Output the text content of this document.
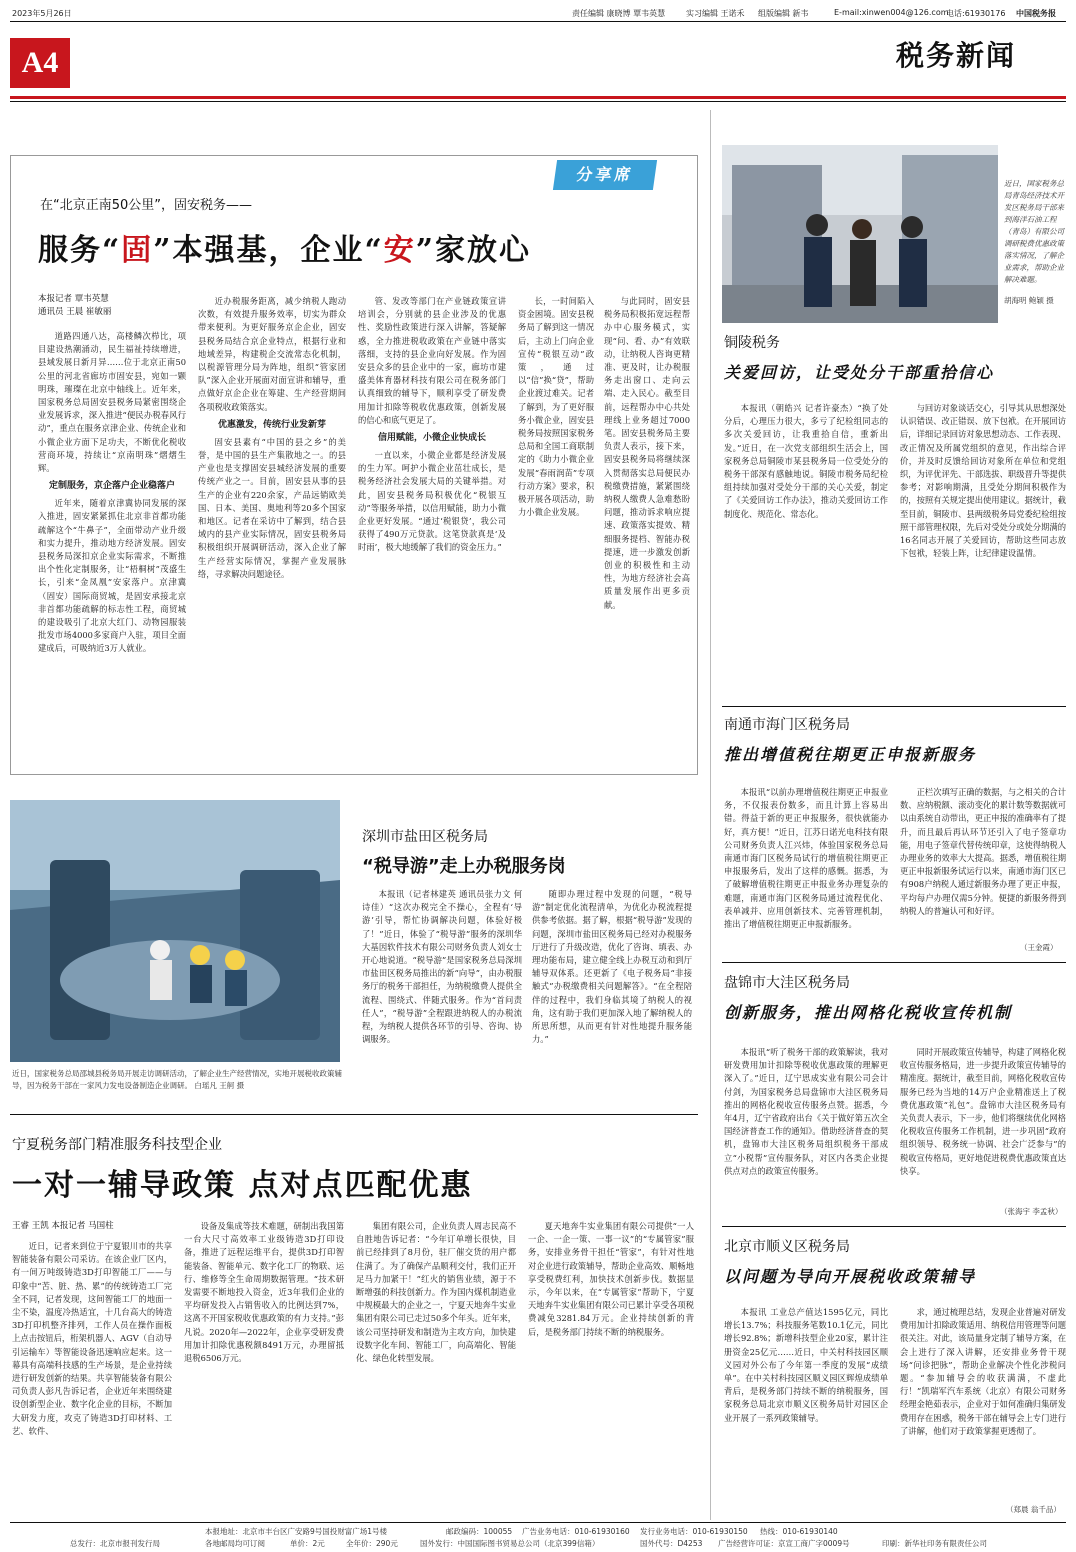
2023年5月26日	责任编辑 康晓博 覃韦英慧	实习编辑 王诺禾 组版编辑 新韦	E-mail:xinwen004@126.com
电话:61930176 中国税务报
A4	税务新闻
分享席
在“北京正南50公里”，固安税务——
服务“固”本强基，企业“安”家放心
本报记者 覃韦英慧
通讯员 王晨 崔敏丽

道路四通八达，高楼鳞次栉比，项目建设热潮涌动，民生福祉持续增进，县域发展日新月异……位于北京正南50公里的河北省廊坊市固安县，宛如一颗明珠，璀璨在北京中轴线上。近年来，国家税务总局固安县税务局紧密围绕企业发展诉求，深入推进“便民办税春风行动”，重点在服务京津企业、传统企业和小微企业方面下足功夫，不断优化税收营商环境，持续让“京南明珠”熠熠生辉。

定制服务，京企落户企业稳落户

近年来，随着京津冀协同发展的深入推进，固安紧紧抓住北京非首都功能疏解这个“牛鼻子”，全面带动产业升级和实力提升，推动地方经济发展。固安县税务局深扣京企业实际需求，不断推出个性化定制服务，让“梧桐树”茂盛生长，引来“金凤凰”安家落户。京津冀（固安）国际商贸城，是固安承接北京非首都功能疏解的标志性工程，商贸城的建设吸引了北京大红门、动物园服装批发市场4000多家商户入驻，项目全面建成后，可吸纳近3万人就业。

近办税服务距离，减少纳税人跑动次数，有效提升服务效率，切实为群众带来便利。为更好服务京企企业，固安县税务局结合京企业特点，根据行业和地域差异，构建税企交流常态化机制，以税源管理分局为阵地，组织“管家团队”深入企业开展面对面宣讲和辅导，重点做好京企企业在筹建、生产经营期间各项税收政策落实。

优惠激发，传统行业发新芽

固安县素有“中国的县之乡”的美誉，是中国的县生产集散地之一。的县产业也是支撑固安县城经济发展的重要传统产业之一。目前，固安县从事的县生产的企业有220余家，产品远销欧美国、日本、美国、奥地利等20多个国家和地区。记者在采访中了解到，结合县域内的县产业实际情况，固安县税务局积极组织开展调研活动，深入企业了解生产经营实际情况，掌握产业发展脉络，寻求解决问题途径。

管、发改等部门在产业链政策宣讲培训会，分别就的县企业涉及的优惠性、奖励性政策进行深入讲解，答疑解惑，全力推进税收政策在产业链中落实落细，支持的县企业向好发展。作为固安县众多的县企业中的一家，廊坊市建盛美体育器材科技有限公司在税务部门认真细致的辅导下，顺利享受了研发费用加计扣除等税收优惠政策，创新发展的信心和底气更足了。

信用赋能，小微企业快成长

一直以来，小微企业都是经济发展的生力军。呵护小微企业茁壮成长，是税务经济社会发展大局的关键举措。对此，固安县税务局积极优化“税银互动”等服务举措，以信用赋能，助力小微企业更好发展。“通过‘税银贷’，我公司获得了490万元贷款。这笔贷款真是‘及时雨’，极大地缓解了我们的资金压力。”

长，一时间陷入资金困境。固安县税务局了解到这一情况后，主动上门向企业宣传“税银互动”政策，通过以“信”换“贷”，帮助企业渡过难关。记者了解到，为了更好服务小微企业，固安县税务局按照国家税务总局和全国工商联制定的《助力小微企业发展“春雨润苗”专项行动方案》要求，积极开展各项活动，助力小微企业发展。

与此同时，固安县税务局积极拓宽远程帮办中心服务模式，实现“问、看、办”有效联动，让纳税人咨询更精准、更及时，让办税服务走出窗口、走向云端、走入民心。截至目前，远程帮办中心共处理线上业务超过7000笔。固安县税务局主要负责人表示，接下来，固安县税务局将继续深入贯彻落实总局便民办税缴费措施，紧紧围绕纳税人缴费人急难愁盼问题，推动诉求响应提速、政策落实提效、精细服务提档、智能办税提速，进一步激发创新创业的积极性和主动性，为地方经济社会高质量发展作出更多贡献。

近日，国家税务总局邵城县税务局开展走访调研活动，了解企业生产经营情况，实地开展税收政策辅导，因为税务干部在一家风力发电设备制造企业调研。 白瑶凡 王舸 摄
深圳市盐田区税务局
“税导游”走上办税服务岗

本报讯（记者林建英 通讯员张力文 何诗佳）“这次办税完全不操心，全程有‘导游’引导，帮忙协调解决问题，体验好极了！”近日，体验了“税导游”服务的深圳华大基因软件技术有限公司财务负责人刘女士开心地说道。“税导游”是国家税务总局深圳市盐田区税务局推出的新“向导”，由办税服务厅的税务干部担任，为纳税缴费人提供全流程、围绕式、伴随式服务。作为“首问责任人”，“税导游”全程跟进纳税人的办税流程，为纳税人提供各环节的引导、咨询、协调服务。

随即办理过程中发现的问题，“税导游”制定优化流程清单，为优化办税流程提供参考依据。据了解，根据“税导游”发现的问题，深圳市盐田区税务局已经对办税服务厅进行了升级改造，优化了咨询、填表、办理功能布局，建立健全线上办税互动和到厅辅导双体系。还更新了《电子税务局“非接触式”办税缴费相关问题解答》。“在全程陪伴的过程中，我们身临其境了纳税人的视角，这有助于我们更加深入地了解纳税人的所思所想，从而更有针对性地提升服务能力。”

宁夏税务部门精准服务科技型企业
一对一辅导政策 点对点匹配优惠
王睿 王凯 本报记者 马国柱

近日，记者来到位于宁夏银川市的共享智能装备有限公司采访。在该企业厂区内，有一间万吨级铸造3D打印智能工厂——与印象中“苦、脏、热、累”的传统铸造工厂完全不同，记者发现，这间智能工厂的地面一尘不染，温度冷热适宜，十几台高大的铸造3D打印机整齐排列，工作人员在操作面板上点击按钮后，桁架机器人、AGV（自动导引运输车）等智能设备迅速响应起来。这一幕具有高端科技感的生产场景，是企业持续进行研发创新的结果。共享智能装备有限公司负责人彭凡告诉记者，企业近年来围绕建设创新型企业、数字化企业的目标，不断加大研发力度，攻克了铸造3D打印材料、工艺、软件、

设备及集成等技术难题，研制出我国第一台大尺寸高效率工业级铸造3D打印设备，推进了远程运维平台，提供3D打印智能装备、智能单元、数字化工厂的物联、运行、维修等全生命周期数据管理。“技术研发需要不断地投入资金，近3年我们企业的平均研发投入占销售收入的比例达到7%，这离不开国家税收优惠政策的有力支持。”彭凡说。2020年—2022年，企业享受研发费用加计扣除优惠税额8491万元，办理留抵退税6506万元。

集团有限公司，企业负责人周志民高不自胜地告诉记者：“今年订单增长很快，目前已经排到了8月份，驻厂催交货的用户都住满了。为了确保产品顺利交付，我们正开足马力加紧干！”红火的销售业绩，源于不断增强的科技创新力。作为国内煤机制造业中规模最大的企业之一，宁夏天地奔牛实业集团有限公司已走过50多个年头。近年来，该公司坚持研发和制造为主攻方向，加快建设数字化车间、智能工厂，向高端化、智能化、绿色化转型发展。

夏天地奔牛实业集团有限公司提供“一人一企、一企一策、一事一议”的“专属管家”服务，安排业务骨干担任“管家”，有针对性地对企业进行政策辅导，帮助企业高效、顺畅地享受税费红利，加快技术创新步伐。数据显示，今年以来，在“专属管家”帮助下，宁夏天地奔牛实业集团有限公司已累计享受各项税费减免3281.84万元。企业持续创新的背后，是税务部门持续不断的纳税服务。

近日，国家税务总局青岛经济技术开发区税务局干部来到海洋石油工程（青岛）有限公司调研税费优惠政策落实情况，了解企业需求，帮助企业解决难题。
胡海明 鲍颖 摄
铜陵税务
关爱回访，让受处分干部重拾信心

本报讯（朝皓兴 记者许豪杰）“换了处分后，心理压力很大，多亏了纪检组同志的多次关爱回访，让我重拾自信，重新出发。”近日，在一次党支部组织生活会上，国家税务总局铜陵市某县税务局一位受处分的税务干部深有感触地说。铜陵市税务局纪检组持续加强对受处分干部的关心关爱，制定了《关爱回访工作办法》，推动关爱回访工作制度化、规范化、常态化。

与回访对象谈话交心，引导其从思想深处认识错误、改正错误、放下包袱。在开展回访后，详细记录回访对象思想动态、工作表现、改正情况及所属党组织的意见，作出综合评价，并及时反馈给回访对象所在单位和党组织，为评优评先、干部选拔、职级晋升等提供参考；对影响期满，且受处分期间积极作为的，按照有关规定提出使用建议。据统计，截至目前，铜陵市、县两级税务局党委纪检组按照干部管理权限，先后对受处分或处分期满的16名同志开展了关爱回访，帮助这些同志放下包袱，轻装上阵，让纪律建设温情。

南通市海门区税务局
推出增值税往期更正申报新服务

本报讯“以前办理增值税往期更正申报业务，不仅报表份数多，而且计算上容易出错。得益于新的更正申报服务，很快就能办好，真方便！”近日，江苏日诺光电科技有限公司财务负责人江兴炜，体验国家税务总局南通市海门区税务局试行的增值税往期更正申报服务后，发出了这样的感慨。据悉，为了破解增值税往期更正申报业务办理复杂的难题，南通市海门区税务局通过流程优化、表单减并、应用创新技术、完善管理机制，推出了增值税往期更正申报新服务。

正栏次填写正确的数据，与之相关的合计数、应纳税额、滚动变化的累计数等数据就可以由系统自动带出，更正申报的准确率有了提升，而且最后再认环节还引入了电子签章功能，用电子签章代替传统印章，这使得纳税人办理业务的效率大大提高。据悉，增值税往期更正申报新服务试运行以来，南通市海门区已有908户纳税人通过新服务办理了更正申报，平均每户办理仅需5分钟。便捷的新服务得到纳税人的普遍认可和好评。

（王金霞）
盘锦市大洼区税务局
创新服务，推出网格化税收宣传机制

本报讯“听了税务干部的政策解读，我对研发费用加计扣除等税收优惠政策的理解更深入了。”近日，辽宁思成实业有限公司会计付剑，为国家税务总局盘锦市大洼区税务局推出的网格化税收宣传服务点赞。据悉，今年4月，辽宁省政府出台《关于做好第五次全国经济普查工作的通知》。借助经济普查的契机，盘锦市大洼区税务局组织税务干部成立“小税帮”宣传服务队，对区内各类企业提供点对点的政策宣传服务。

同时开展政策宣传辅导，构建了网格化税收宣传服务格局，进一步提升政策宣传辅导的精准度。据统计，截至目前，网格化税收宣传服务已经为当地的14万户企业精准送上了税费优惠政策“礼包”。盘锦市大洼区税务局有关负责人表示，下一步，他们将继续优化网格化税收宣传服务工作机制，进一步巩固“政府组织领导、税务统一协调、社会广泛参与”的税收宣传格局，更好地促进税费优惠政策直达快享。

（张海宇 李孟秋）
北京市顺义区税务局
以问题为导向开展税收政策辅导

本报讯 工业总产值达1595亿元，同比增长13.7%；科技服务笔数10.1亿元，同比增长92.8%；新增科技型企业20家，累计注册资金25亿元……近日，中关村科技园区顺义园对外公布了今年第一季度的发展“成绩单”。在中关村科技园区顺义园区辉煌成绩单背后，是税务部门持续不断的纳税服务，国家税务总局北京市顺义区税务局针对园区企业开展了一系列政策辅导。

求，通过梳理总结，发现企业普遍对研发费用加计扣除政策适用、纳税信用管理等问题很关注。对此，该局量身定制了辅导方案，在会上进行了深入讲解，还安排业务骨干现场“问诊把脉”，帮助企业解决个性化涉税问题。“参加辅导会的收获满满，不虚此行！”凯瑞军汽车系统（北京）有限公司财务经理金艳茹表示，企业对于如何准确归集研发费用存在困惑，税务干部在辅导会上专门进行了讲解，他们对于政策掌握更透彻了。

（郑晨 翁千品）
本报地址：北京市丰台区广安路9号国投财富广场1号楼	邮政编码：100055 广告业务电话：010-61930160 发行业务电话：010-61930150 热线：010-61930140
总发行：北京市报刊发行局	各地邮局均可订阅	单价：2元	全年价：290元	国外发行：中国国际图书贸易总公司（北京399信箱）	国外代号：D4253 广告经营许可证：京宣工商广字0009号	印刷：新华社印务有限责任公司
